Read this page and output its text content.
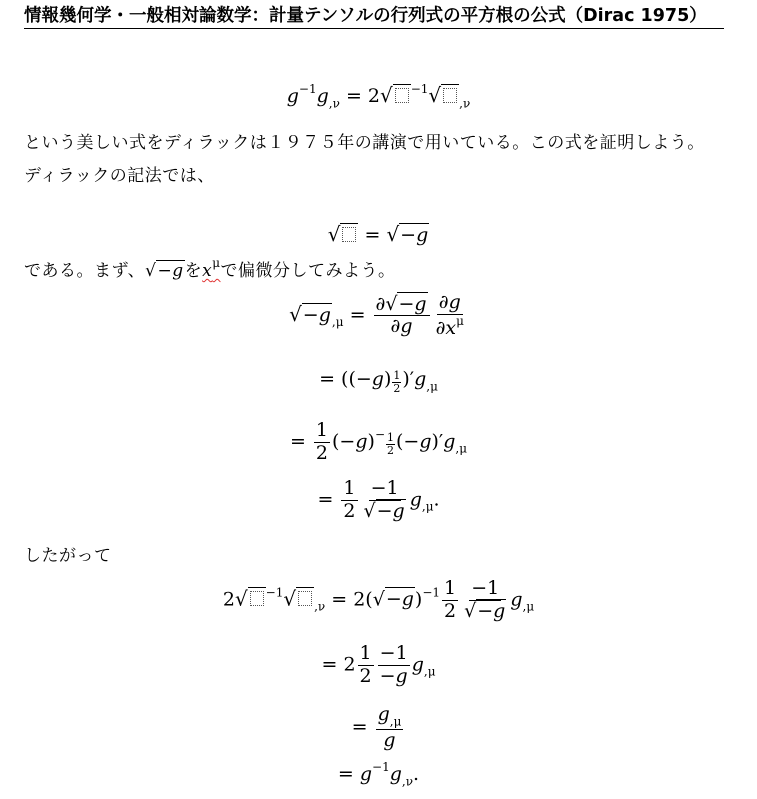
情報幾何学・一般相対論数学：計量テンソルの行列式の平方根の公式（Dirac 1975）
$g^{-1}g_{,\nu} = 2√$ $^{-1}$√ $_{,\nu}$
という美しい式をディラックは１９７５年の講演で用いている。この式を証明しよう。
ディラックの記法では、
√ = √−g
である。まず、√−gを$x^\mu$で偏微分してみよう。
$√-g_{,\mu} = \frac{\partial√-g}{\partial g} \frac{\partial g}{\partial x^\mu}$
= $((-g) \frac{1}{2} )'g_{,\mu}$
= $\frac{1}{2} (-g)^- \frac{1}{2} (-g)'g_{,\mu}$
= $\frac{1}{2} \frac{-1}{√-g} g_{,\mu}$.
したがって
2√ $^{-1}$√ $_{,\nu} = 2(√-g)^{-1} \frac{1}{2} \frac{-1}{√-g} g_{,\mu}$
= $2 \frac{1}{2} \frac{-1}{-g} g_{,\mu}$
= $\frac{g_{,\mu}}{g}$
= $g^{-1}g_{,\nu}$.
